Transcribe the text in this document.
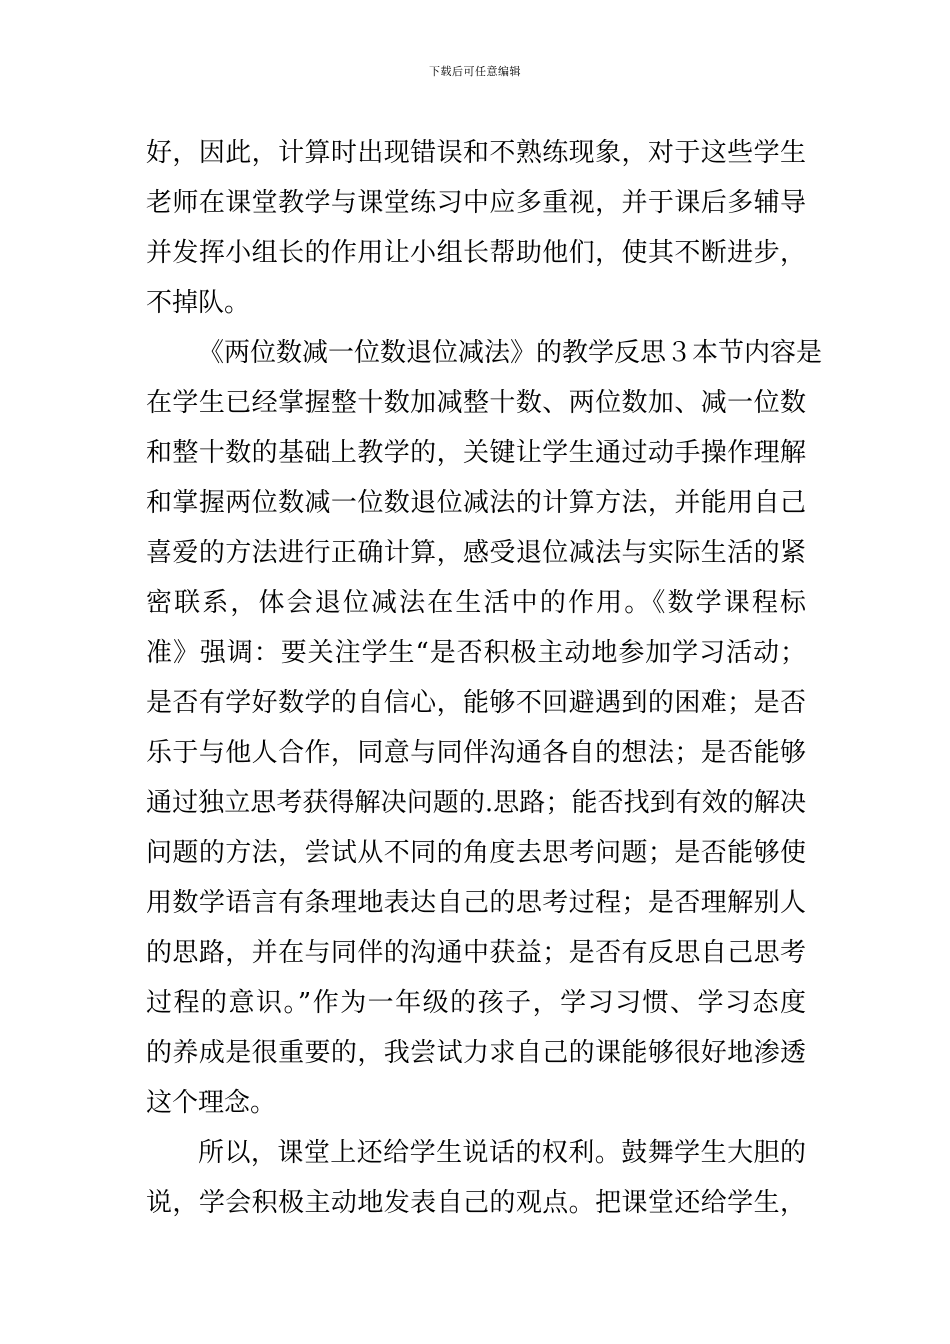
下载后可任意编辑
好，因此，计算时出现错误和不熟练现象，对于这些学生
老师在课堂教学与课堂练习中应多重视，并于课后多辅导
并发挥小组长的作用让小组长帮助他们，使其不断进步，
不掉队。
《两位数减一位数退位减法》的教学反思３本节内容是
在学生已经掌握整十数加减整十数、两位数加、减一位数
和整十数的基础上教学的，关键让学生通过动手操作理解
和掌握两位数减一位数退位减法的计算方法，并能用自己
喜爱的方法进行正确计算，感受退位减法与实际生活的紧
密联系，体会退位减法在生活中的作用。《数学课程标
准》强调：要关注学生“是否积极主动地参加学习活动；
是否有学好数学的自信心，能够不回避遇到的困难；是否
乐于与他人合作，同意与同伴沟通各自的想法；是否能够
通过独立思考获得解决问题的.思路；能否找到有效的解决
问题的方法，尝试从不同的角度去思考问题；是否能够使
用数学语言有条理地表达自己的思考过程；是否理解别人
的思路，并在与同伴的沟通中获益；是否有反思自己思考
过程的意识。”作为一年级的孩子，学习习惯、学习态度
的养成是很重要的，我尝试力求自己的课能够很好地渗透
这个理念。
所以，课堂上还给学生说话的权利。鼓舞学生大胆的
说，学会积极主动地发表自己的观点。把课堂还给学生，
